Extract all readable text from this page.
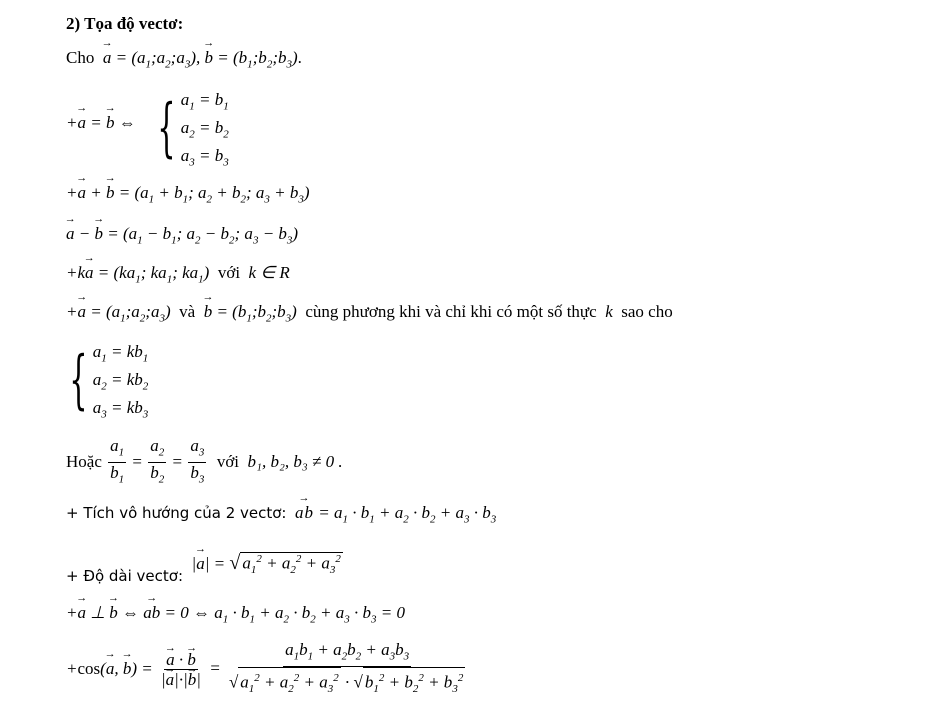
2) Tọa độ vectơ:
Cho → $a = (a_1;a_2;a_3)$, → $b = (b_1;b_2;b_3)$.
+→ a = → b ⇔ { $a_1 = b_1$
$a_2 = b_2$
$a_3 = b_3$
+→ a + → $b = (a_1 + b_1$; $a_2 + b_2$; $a_3 + b_3$)
→ a − → $b = (a_1 - b_1$; $a_2 - b_2$; $a_3 - b_3$)
$+k\to a = (ka_1$; $ka_1$; $ka_1$) với k ∈ R
+→ $a = (a_1;a_2;a_3)$ và → $b = (b_1;b_2;b_3)$ cùng phương khi và chỉ khi có một số thực  k  sao cho
{ $a_1 = kb_1$
$a_2 = kb_2$
$a_3 = kb_3$
Hoặc $\frac{a_1}{b_1} = \frac{a_2}{b_2} = \frac{a_3}{b_3}$ với b₁, b₂, b₃ ≠ 0 .
+ Tích vô hướng của 2 vectơ: → ab = $a_1 \cdot b_1 + a_2 \cdot b_2 + a_3 \cdot b_3$
+ Độ dài vectơ:  |→ a| = √ $a_1^2 + a_2^2 + a_3^2$
+→ a ⊥ → b ⇔ → ab = 0 ⇔ $a_1 \cdot b_1 + a_2 \cdot b_2 + a_3 \cdot b_3 = 0$
+cos(→ a, → b) = → $\frac{a \cdot \to b}{|\to a|\cdot|\to b|} = \frac{a_1b_1 + a_2b_2 + a_3b_3}{√ a_1^2 + a_2^2 + a_3^2 \cdot √ b_1^2 + b_2^2 + b_3^2}$
